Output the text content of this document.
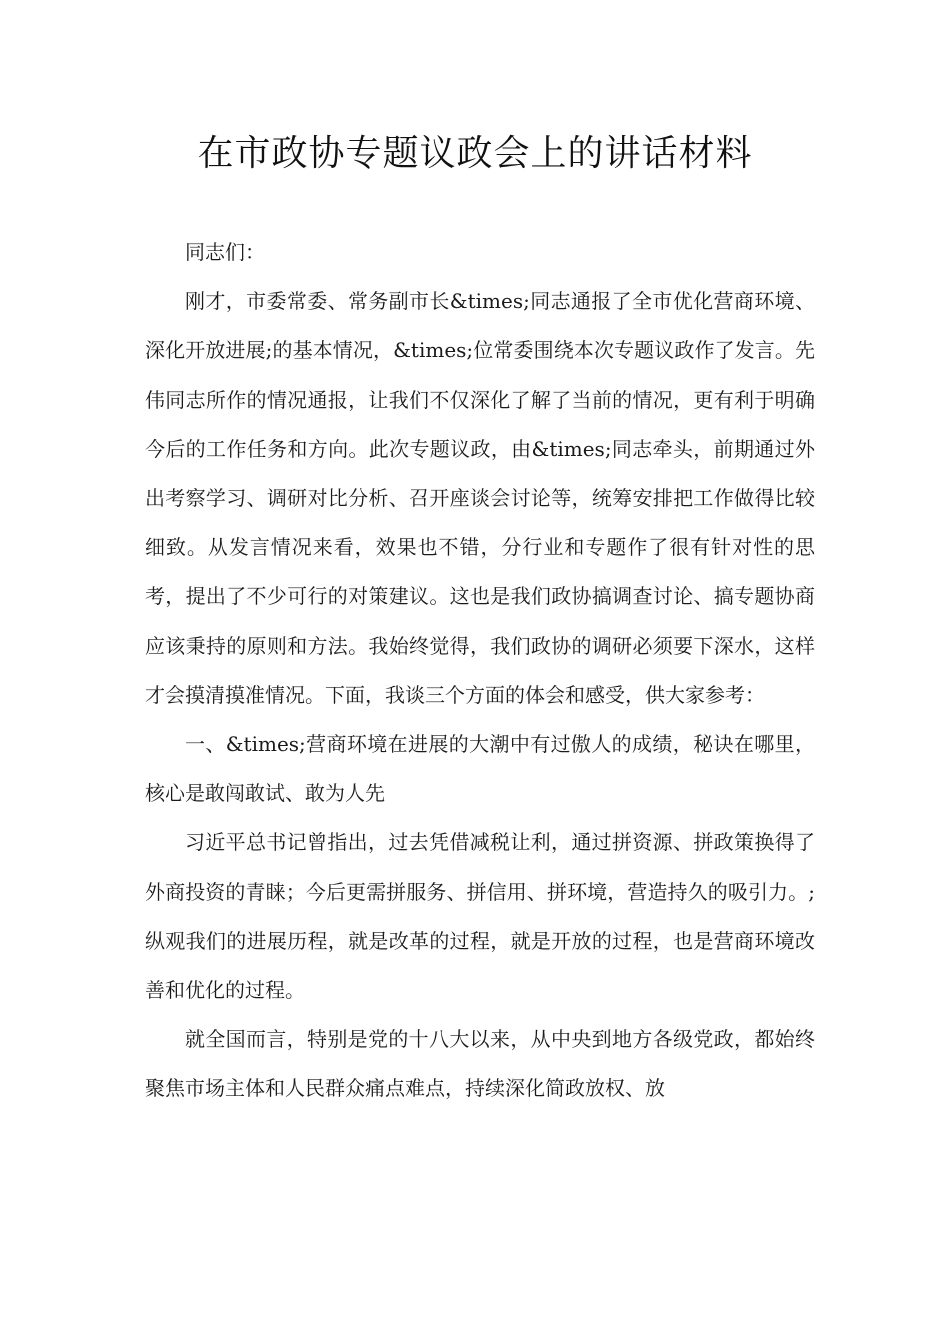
在市政协专题议政会上的讲话材料

同志们：

刚才，市委常委、常务副市长&times;同志通报了全市优化营商环境、深化开放进展;的基本情况，&times;位常委围绕本次专题议政作了发言。先伟同志所作的情况通报，让我们不仅深化了解了当前的情况，更有利于明确今后的工作任务和方向。此次专题议政，由&times;同志牵头，前期通过外出考察学习、调研对比分析、召开座谈会讨论等，统筹安排把工作做得比较细致。从发言情况来看，效果也不错，分行业和专题作了很有针对性的思考，提出了不少可行的对策建议。这也是我们政协搞调查讨论、搞专题协商应该秉持的原则和方法。我始终觉得，我们政协的调研必须要下深水，这样才会摸清摸准情况。下面，我谈三个方面的体会和感受，供大家参考：

一、&times;营商环境在进展的大潮中有过傲人的成绩，秘诀在哪里，核心是敢闯敢试、敢为人先

习近平总书记曾指出，过去凭借减税让利，通过拼资源、拼政策换得了外商投资的青睐；今后更需拼服务、拼信用、拼环境，营造持久的吸引力。;纵观我们的进展历程，就是改革的过程，就是开放的过程，也是营商环境改善和优化的过程。

就全国而言，特别是党的十八大以来，从中央到地方各级党政，都始终聚焦市场主体和人民群众痛点难点，持续深化简政放权、放
